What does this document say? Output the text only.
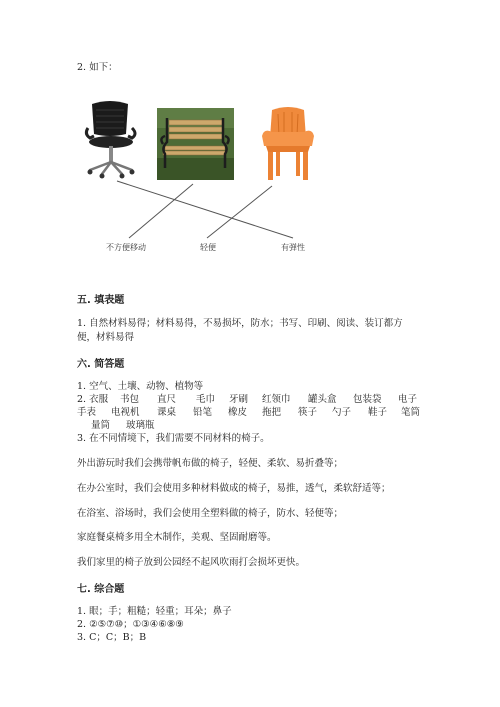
2. 如下：
不方便移动	轻便	有弹性
五. 填表题
1. 自然材料易得；材料易得，不易损坏，防水；书写、印刷、阅读、装订都方
便，材料易得
六. 简答题
1. 空气、土壤、动物、植物等
2. 衣服 书包 直尺 毛巾 牙刷 红领巾 罐头盒 包装袋 电子
手表 电视机 课桌 铅笔 橡皮 拖把 筷子 勺子 鞋子 笔筒
量筒 玻璃瓶
3. 在不同情境下，我们需要不同材料的椅子。
外出游玩时我们会携带帆布做的椅子，轻便、柔软、易折叠等；
在办公室时，我们会使用多种材料做成的椅子，易推，透气，柔软舒适等；
在浴室、浴场时，我们会使用全塑料做的椅子，防水、轻便等；
家庭餐桌椅多用全木制作，美观、坚固耐磨等。
我们家里的椅子放到公园经不起风吹雨打会损坏更快。
七. 综合题
1. 眼；手；粗糙；轻重；耳朵；鼻子
2. ②⑤⑦⑩；①③④⑥⑧⑨
3. C；C；B；B
